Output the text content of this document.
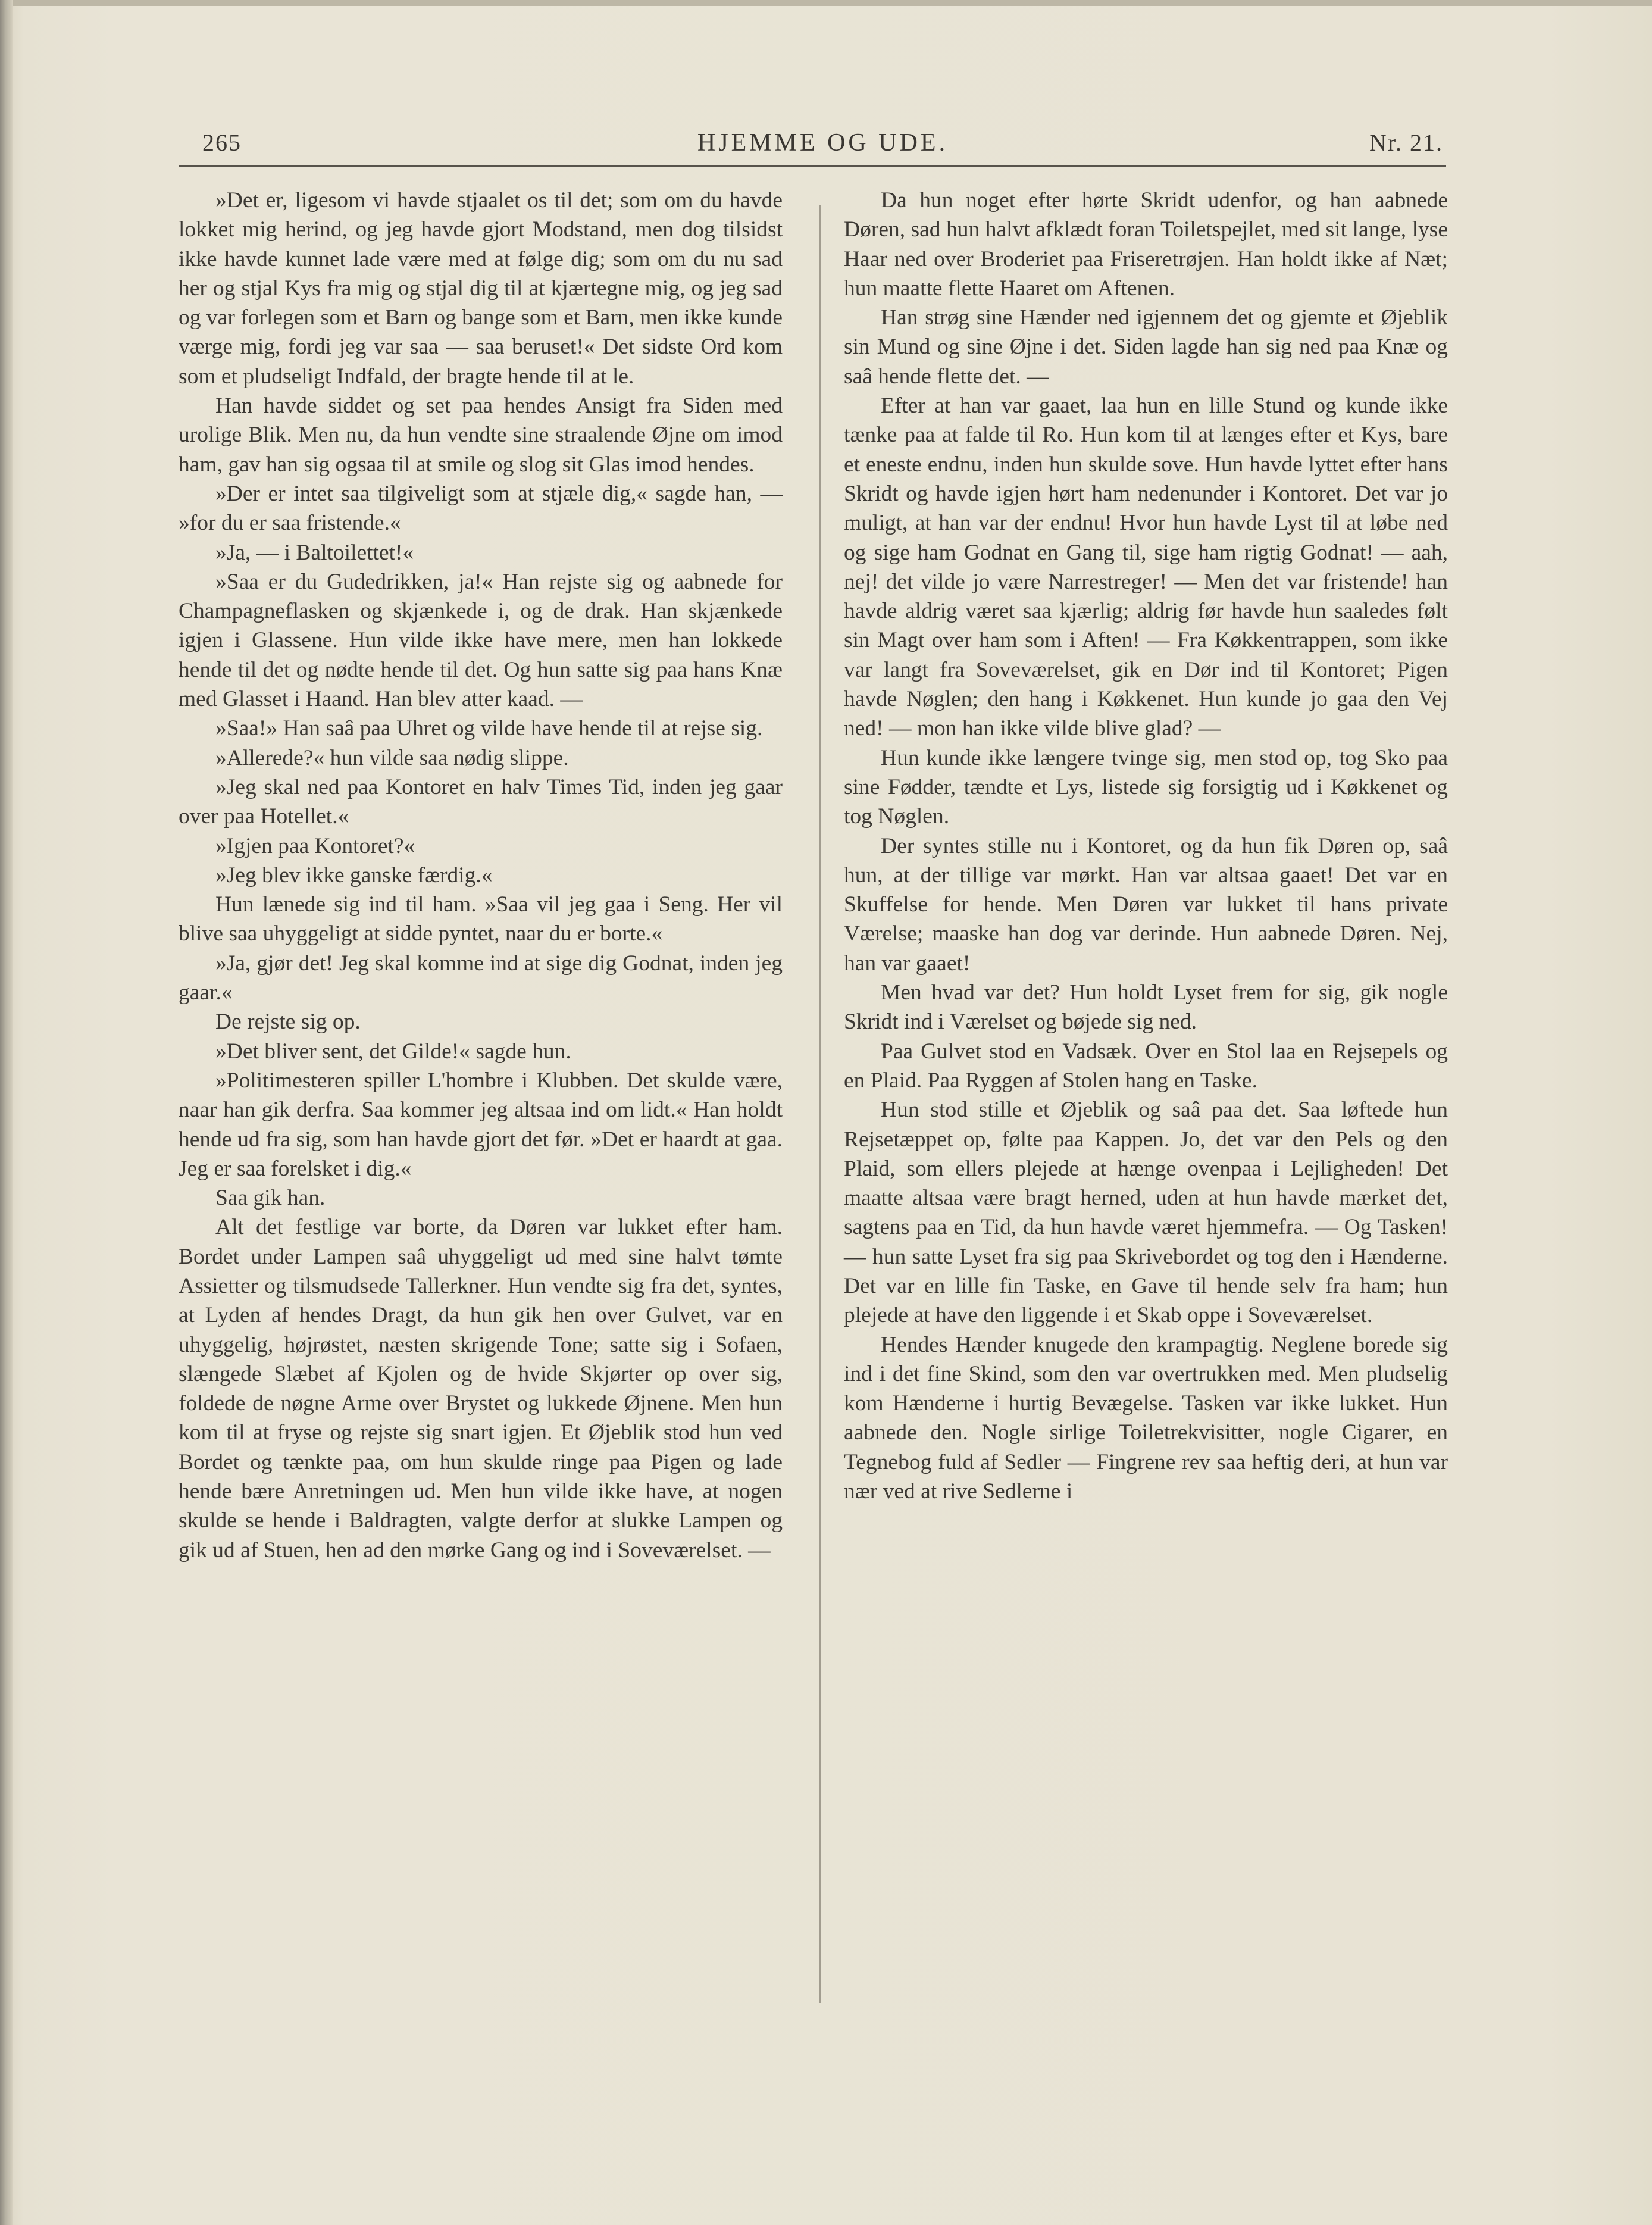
HJEMME OG UDE.
265	Nr. 21.

»Det er, ligesom vi havde stjaalet os til det; som om du havde lokket mig herind, og jeg havde gjort Modstand, men dog tilsidst ikke havde kunnet lade være med at følge dig; som om du nu sad her og stjal Kys fra mig og stjal dig til at kjærtegne mig, og jeg sad og var forlegen som et Barn og bange som et Barn, men ikke kunde værge mig, fordi jeg var saa — saa beruset!« Det sidste Ord kom som et pludseligt Indfald, der bragte hende til at le.

Han havde siddet og set paa hendes Ansigt fra Siden med urolige Blik. Men nu, da hun vendte sine straalende Øjne om imod ham, gav han sig ogsaa til at smile og slog sit Glas imod hendes.

»Der er intet saa tilgiveligt som at stjæle dig,« sagde han, — »for du er saa fristende.«

»Ja, — i Baltoilettet!«

»Saa er du Gudedrikken, ja!« Han rejste sig og aabnede for Champagneflasken og skjænkede i, og de drak. Han skjænkede igjen i Glassene. Hun vilde ikke have mere, men han lokkede hende til det og nødte hende til det. Og hun satte sig paa hans Knæ med Glasset i Haand. Han blev atter kaad. —

»Saa!» Han saâ paa Uhret og vilde have hende til at rejse sig.

»Allerede?« hun vilde saa nødig slippe.

»Jeg skal ned paa Kontoret en halv Times Tid, inden jeg gaar over paa Hotellet.«

»Igjen paa Kontoret?«

»Jeg blev ikke ganske færdig.«

Hun lænede sig ind til ham. »Saa vil jeg gaa i Seng. Her vil blive saa uhyggeligt at sidde pyntet, naar du er borte.«

»Ja, gjør det! Jeg skal komme ind at sige dig Godnat, inden jeg gaar.«

De rejste sig op.

»Det bliver sent, det Gilde!« sagde hun.

»Politimesteren spiller L'hombre i Klubben. Det skulde være, naar han gik derfra. Saa kommer jeg altsaa ind om lidt.« Han holdt hende ud fra sig, som han havde gjort det før. »Det er haardt at gaa. Jeg er saa forelsket i dig.«

Saa gik han.

Alt det festlige var borte, da Døren var lukket efter ham. Bordet under Lampen saâ uhyggeligt ud med sine halvt tømte Assietter og tilsmudsede Tallerkner. Hun vendte sig fra det, syntes, at Lyden af hendes Dragt, da hun gik hen over Gulvet, var en uhyggelig, højrøstet, næsten skrigende Tone; satte sig i Sofaen, slængede Slæbet af Kjolen og de hvide Skjørter op over sig, foldede de nøgne Arme over Brystet og lukkede Øjnene. Men hun kom til at fryse og rejste sig snart igjen. Et Øjeblik stod hun ved Bordet og tænkte paa, om hun skulde ringe paa Pigen og lade hende bære Anretningen ud. Men hun vilde ikke have, at nogen skulde se hende i Baldragten, valgte derfor at slukke Lampen og gik ud af Stuen, hen ad den mørke Gang og ind i Soveværelset. —

Da hun noget efter hørte Skridt udenfor, og han aabnede Døren, sad hun halvt afklædt foran Toiletspejlet, med sit lange, lyse Haar ned over Broderiet paa Friseretrøjen. Han holdt ikke af Næt; hun maatte flette Haaret om Aftenen.

Han strøg sine Hænder ned igjennem det og gjemte et Øjeblik sin Mund og sine Øjne i det. Siden lagde han sig ned paa Knæ og saâ hende flette det. —

Efter at han var gaaet, laa hun en lille Stund og kunde ikke tænke paa at falde til Ro. Hun kom til at længes efter et Kys, bare et eneste endnu, inden hun skulde sove. Hun havde lyttet efter hans Skridt og havde igjen hørt ham nedenunder i Kontoret. Det var jo muligt, at han var der endnu! Hvor hun havde Lyst til at løbe ned og sige ham Godnat en Gang til, sige ham rigtig Godnat! — aah, nej! det vilde jo være Narrestreger! — Men det var fristende! han havde aldrig været saa kjærlig; aldrig før havde hun saaledes følt sin Magt over ham som i Aften! — Fra Køkkentrappen, som ikke var langt fra Soveværelset, gik en Dør ind til Kontoret; Pigen havde Nøglen; den hang i Køkkenet. Hun kunde jo gaa den Vej ned! — mon han ikke vilde blive glad? —

Hun kunde ikke længere tvinge sig, men stod op, tog Sko paa sine Fødder, tændte et Lys, listede sig forsigtig ud i Køkkenet og tog Nøglen.

Der syntes stille nu i Kontoret, og da hun fik Døren op, saâ hun, at der tillige var mørkt. Han var altsaa gaaet! Det var en Skuffelse for hende. Men Døren var lukket til hans private Værelse; maaske han dog var derinde. Hun aabnede Døren. Nej, han var gaaet!

Men hvad var det? Hun holdt Lyset frem for sig, gik nogle Skridt ind i Værelset og bøjede sig ned.

Paa Gulvet stod en Vadsæk. Over en Stol laa en Rejsepels og en Plaid. Paa Ryggen af Stolen hang en Taske.

Hun stod stille et Øjeblik og saâ paa det. Saa løftede hun Rejsetæppet op, følte paa Kappen. Jo, det var den Pels og den Plaid, som ellers plejede at hænge ovenpaa i Lejligheden! Det maatte altsaa være bragt herned, uden at hun havde mærket det, sagtens paa en Tid, da hun havde været hjemmefra. — Og Tasken! — hun satte Lyset fra sig paa Skrivebordet og tog den i Hænderne. Det var en lille fin Taske, en Gave til hende selv fra ham; hun plejede at have den liggende i et Skab oppe i Soveværelset.

Hendes Hænder knugede den krampagtig. Neglene borede sig ind i det fine Skind, som den var overtrukken med. Men pludselig kom Hænderne i hurtig Bevægelse. Tasken var ikke lukket. Hun aabnede den. Nogle sirlige Toiletrekvisitter, nogle Cigarer, en Tegnebog fuld af Sedler — Fingrene rev saa heftig deri, at hun var nær ved at rive Sedlerne i
